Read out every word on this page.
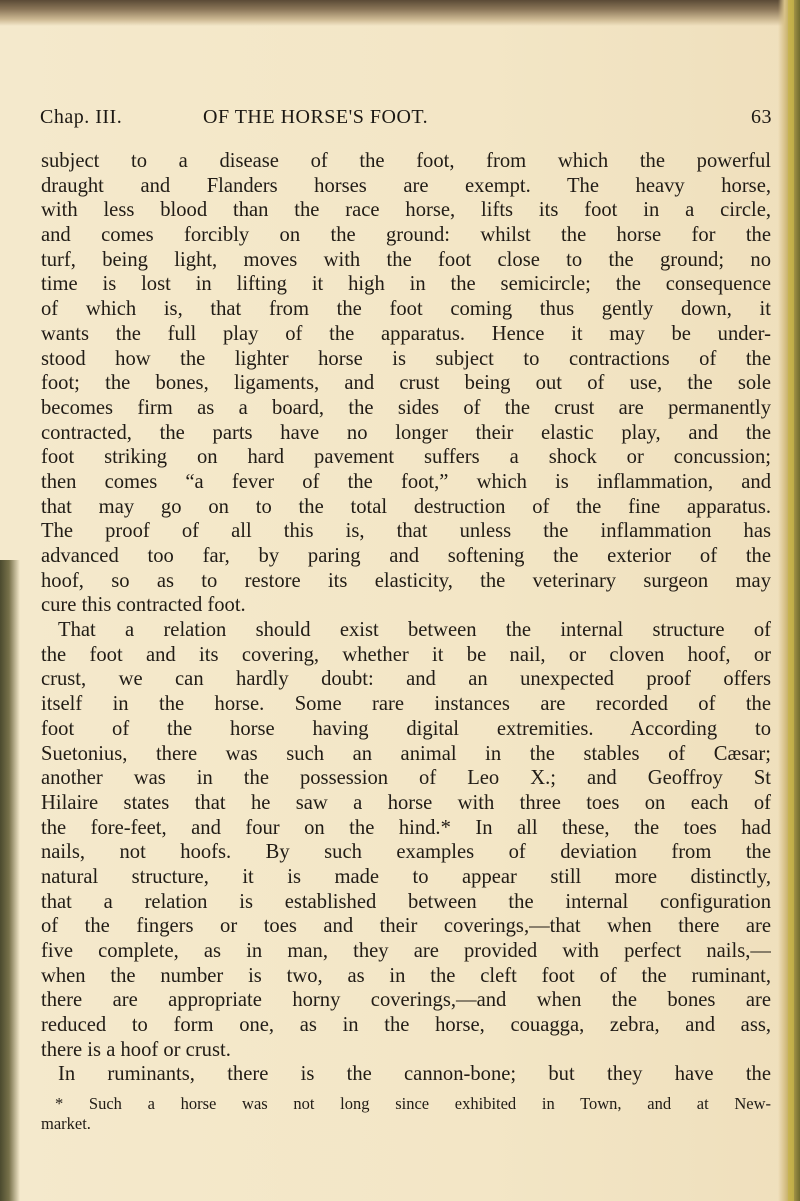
Chap. III.	OF THE HORSE'S FOOT.	63
subject to a disease of the foot, from which the powerful
draught and Flanders horses are exempt. The heavy horse,
with less blood than the race horse, lifts its foot in a circle,
and comes forcibly on the ground: whilst the horse for the
turf, being light, moves with the foot close to the ground; no
time is lost in lifting it high in the semicircle; the consequence
of which is, that from the foot coming thus gently down, it
wants the full play of the apparatus. Hence it may be under-
stood how the lighter horse is subject to contractions of the
foot; the bones, ligaments, and crust being out of use, the sole
becomes firm as a board, the sides of the crust are permanently
contracted, the parts have no longer their elastic play, and the
foot striking on hard pavement suffers a shock or concussion;
then comes “a fever of the foot,” which is inflammation, and
that may go on to the total destruction of the fine apparatus.
The proof of all this is, that unless the inflammation has
advanced too far, by paring and softening the exterior of the
hoof, so as to restore its elasticity, the veterinary surgeon may
cure this contracted foot.
That a relation should exist between the internal structure of
the foot and its covering, whether it be nail, or cloven hoof, or
crust, we can hardly doubt: and an unexpected proof offers
itself in the horse. Some rare instances are recorded of the
foot of the horse having digital extremities. According to
Suetonius, there was such an animal in the stables of Cæsar;
another was in the possession of Leo X.; and Geoffroy St
Hilaire states that he saw a horse with three toes on each of
the fore-feet, and four on the hind.* In all these, the toes had
nails, not hoofs. By such examples of deviation from the
natural structure, it is made to appear still more distinctly,
that a relation is established between the internal configuration
of the fingers or toes and their coverings,—that when there are
five complete, as in man, they are provided with perfect nails,—
when the number is two, as in the cleft foot of the ruminant,
there are appropriate horny coverings,—and when the bones are
reduced to form one, as in the horse, couagga, zebra, and ass,
there is a hoof or crust.
In ruminants, there is the cannon-bone; but they have the
* Such a horse was not long since exhibited in Town, and at New-
market.
